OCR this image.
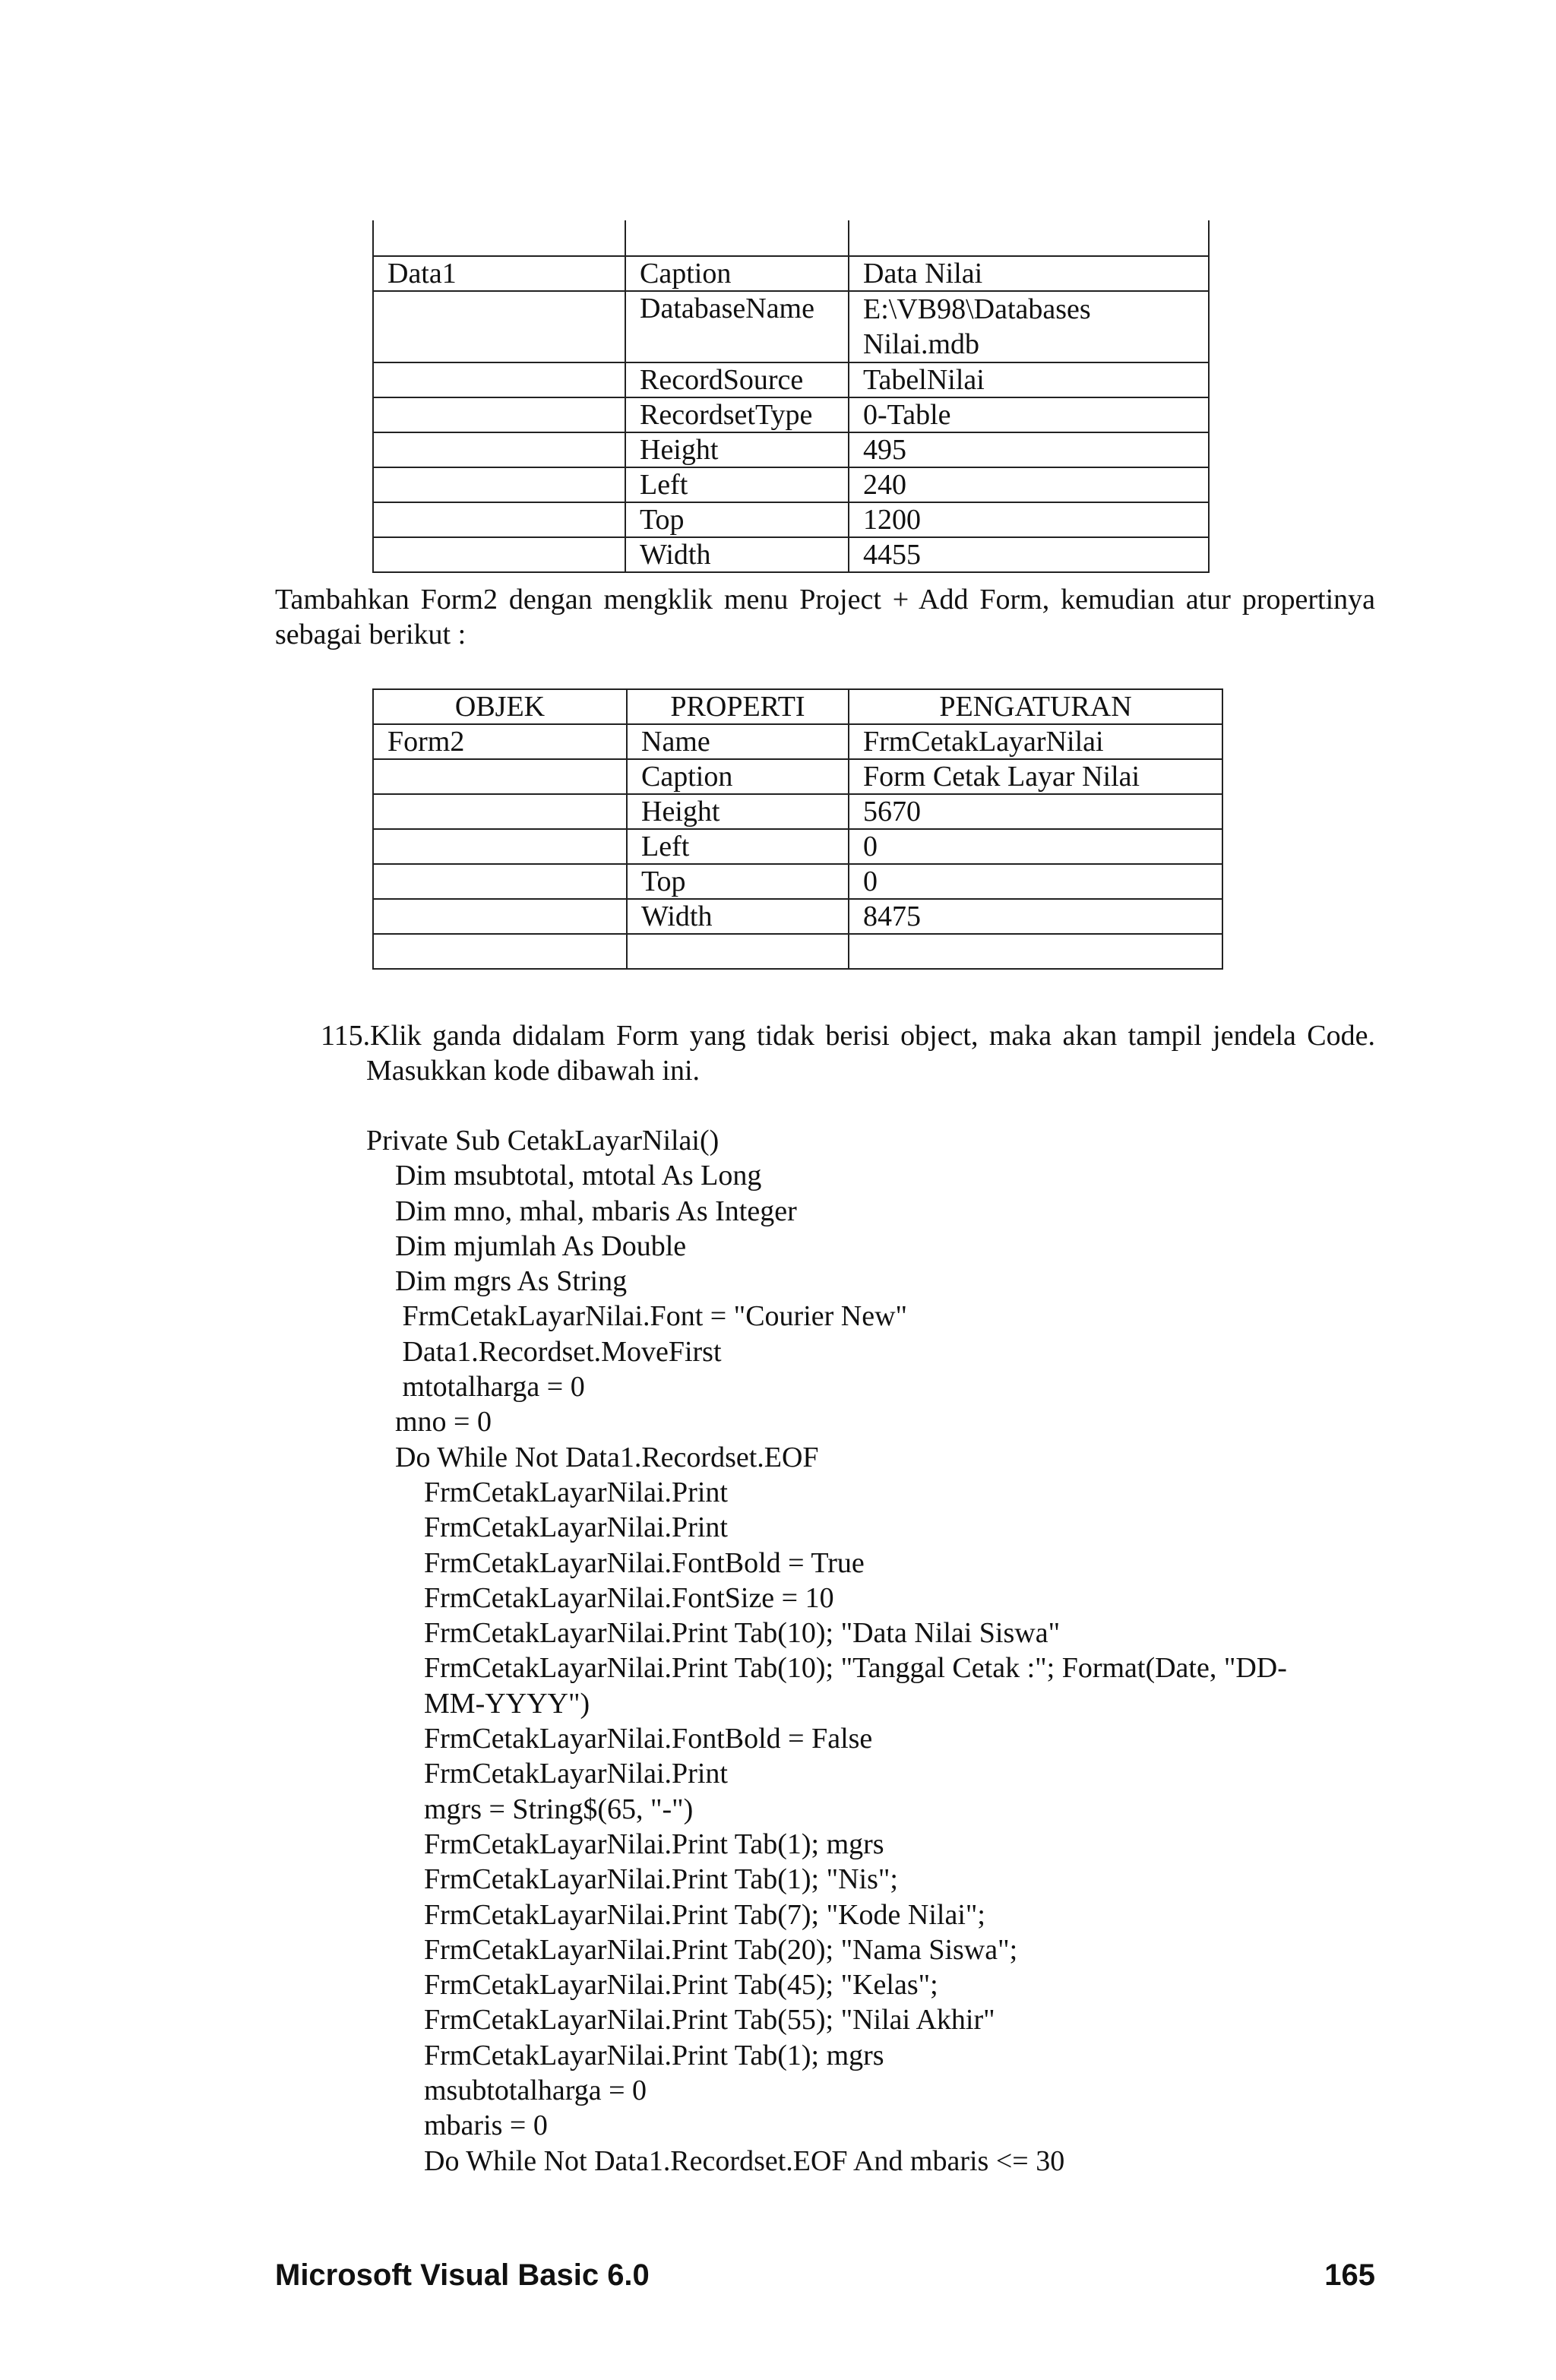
Data1	Caption	Data Nilai
	DatabaseName	E:\VB98\Databases Nilai.mdb
	RecordSource	TabelNilai
	RecordsetType	0-Table
	Height	495
	Left	240
	Top	1200
	Width	4455

Tambahkan Form2 dengan mengklik menu Project + Add Form, kemudian atur propertinya sebagai berikut :

OBJEK	PROPERTI	PENGATURAN
Form2	Name	FrmCetakLayarNilai
	Caption	Form Cetak Layar Nilai
	Height	5670
	Left	0
	Top	0
	Width	8475

115.Klik ganda didalam Form yang tidak berisi object, maka akan tampil jendela Code. Masukkan kode dibawah ini.

Private Sub CetakLayarNilai()
Dim msubtotal, mtotal As Long
Dim mno, mhal, mbaris As Integer
Dim mjumlah As Double
Dim mgrs As String
FrmCetakLayarNilai.Font = "Courier New"
Data1.Recordset.MoveFirst
mtotalharga = 0
mno = 0
Do While Not Data1.Recordset.EOF
FrmCetakLayarNilai.Print
FrmCetakLayarNilai.Print
FrmCetakLayarNilai.FontBold = True
FrmCetakLayarNilai.FontSize = 10
FrmCetakLayarNilai.Print Tab(10); "Data Nilai Siswa"
FrmCetakLayarNilai.Print Tab(10); "Tanggal Cetak :"; Format(Date, "DD-
MM-YYYY")
FrmCetakLayarNilai.FontBold = False
FrmCetakLayarNilai.Print
mgrs = String$(65, "-")
FrmCetakLayarNilai.Print Tab(1); mgrs
FrmCetakLayarNilai.Print Tab(1); "Nis";
FrmCetakLayarNilai.Print Tab(7); "Kode Nilai";
FrmCetakLayarNilai.Print Tab(20); "Nama Siswa";
FrmCetakLayarNilai.Print Tab(45); "Kelas";
FrmCetakLayarNilai.Print Tab(55); "Nilai Akhir"
FrmCetakLayarNilai.Print Tab(1); mgrs
msubtotalharga = 0
mbaris = 0
Do While Not Data1.Recordset.EOF And mbaris <= 30
Microsoft Visual Basic 6.0	165
